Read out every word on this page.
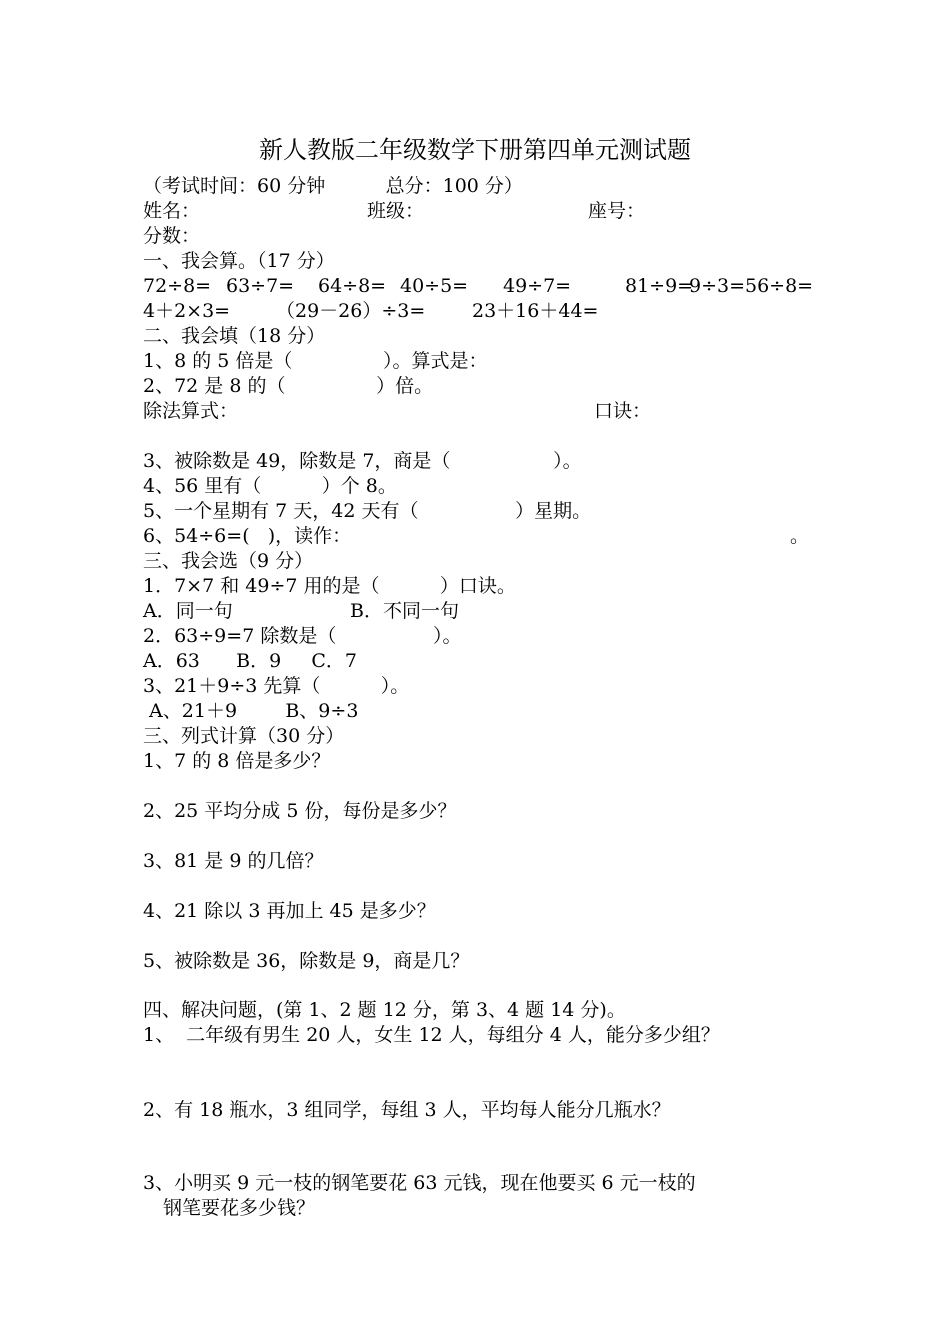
新人教版二年级数学下册第四单元测试题
（考试时间：60 分钟          总分：100 分）
姓名：	班级：	座号：
分数：
一、我会算。（17 分）
72÷8= 63÷7= 64÷8= 40÷5= 49÷7=	81÷9=
9÷3= 56÷8=
4＋2×3= （29－26）÷3= 23＋16＋44=
二、我会填（18 分）
1、8 的 5 倍是（               ）。算式是：
2、72 是 8 的（               ）倍。
除法算式：	口诀：
3、被除数是 49，除数是 7，商是（                 ）。
4、56 里有（          ）个 8。
5、一个星期有 7 天，42 天有（                ）星期。
6、54÷6=(   )，读作：	。
三、我会选（9 分）
1．7×7 和 49÷7 用的是（          ）口诀。
A．同一句	B．不同一句
2．63÷9=7 除数是（                ）。
A．63      B．9     C．7
3、21＋9÷3 先算（          ）。
A、21＋9        B、9÷3
三、列式计算（30 分）
1、7 的 8 倍是多少？
2、25 平均分成 5 份，每份是多少？
3、81 是 9 的几倍？
4、21 除以 3 再加上 45 是多少？
5、被除数是 36，除数是 9，商是几？
四、解决问题，(第 1、2 题 12 分，第 3、4 题 14 分)。
1、  二年级有男生 20 人，女生 12 人，每组分 4 人，能分多少组？
2、有 18 瓶水，3 组同学，每组 3 人，平均每人能分几瓶水？
3、小明买 9 元一枝的钢笔要花 63 元钱，现在他要买 6 元一枝的
钢笔要花多少钱？
